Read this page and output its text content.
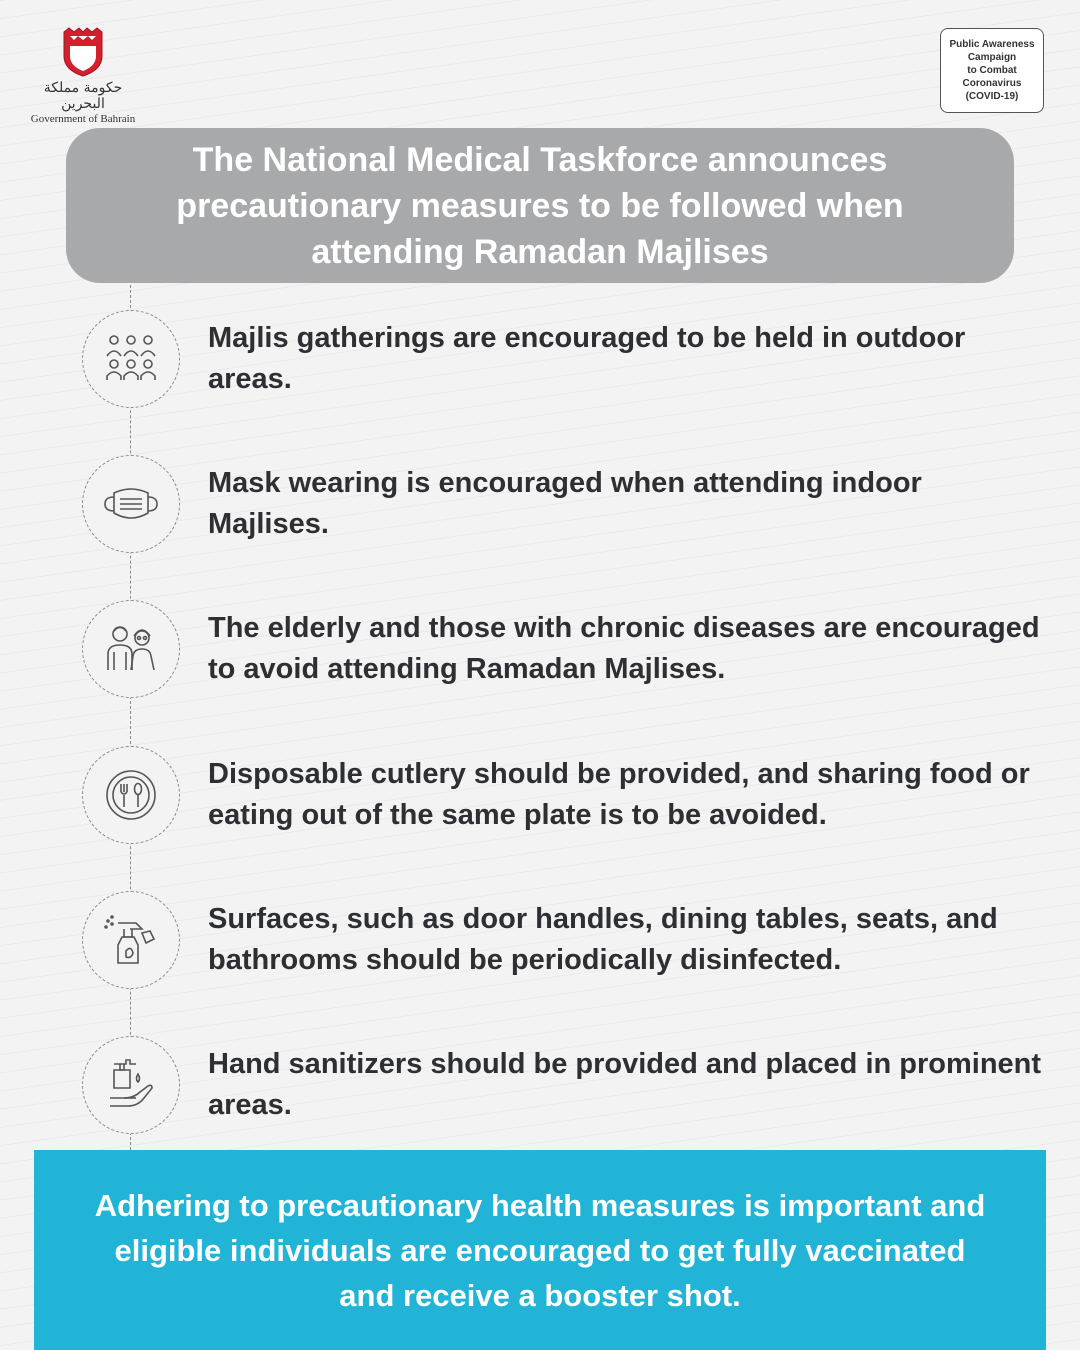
حكومة مملكة البحرين
Government of Bahrain
Public Awareness
Campaign
to Combat
Coronavirus
(COVID-19)
The National Medical Taskforce announces precautionary measures to be followed when attending Ramadan Majlises
Majlis gatherings are encouraged to be held in outdoor areas.
Mask wearing is encouraged when attending indoor Majlises.
The elderly and those with chronic diseases are encouraged to avoid attending Ramadan Majlises.
Disposable cutlery should be provided, and sharing food or eating out of the same plate is to be avoided.
Surfaces, such as door handles, dining tables, seats, and bathrooms should be periodically disinfected.
Hand sanitizers should be provided and placed in prominent areas.

Adhering to precautionary health measures is important and eligible individuals are encouraged to get fully vaccinated and receive a booster shot.
